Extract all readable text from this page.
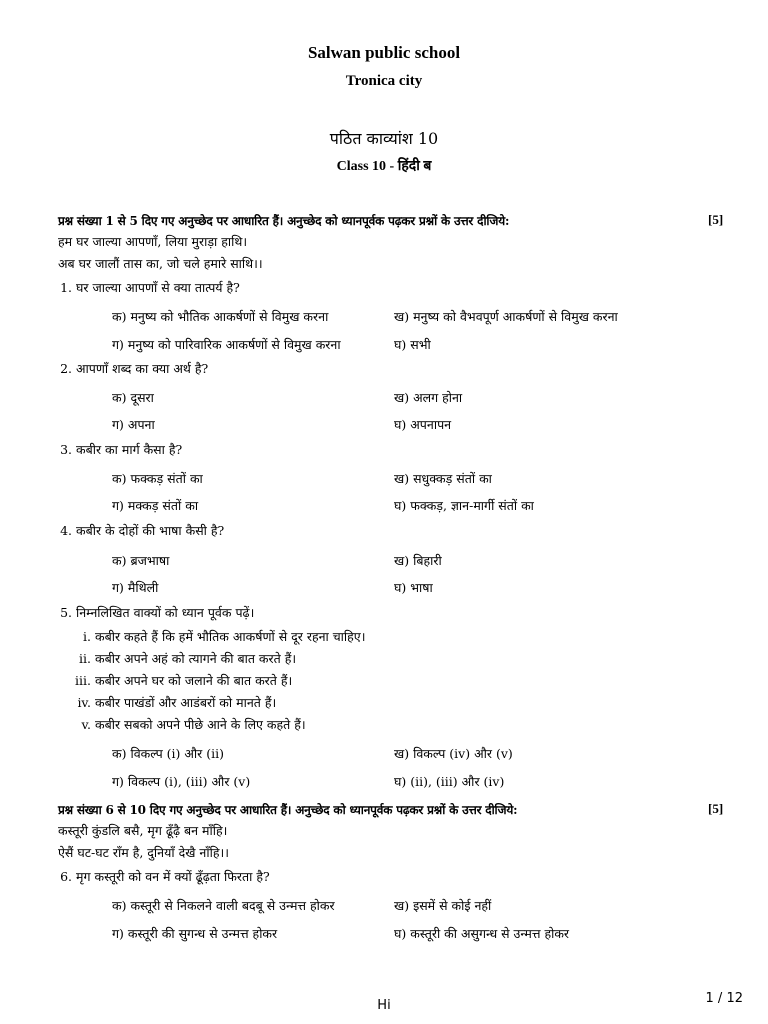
Salwan public school
Tronica city
पठित काव्यांश 10
Class 10 - हिंदी ब
प्रश्न संख्या 1 से 5 दिए गए अनुच्छेद पर आधारित हैं। अनुच्छेद को ध्यानपूर्वक पढ़कर प्रश्नों के उत्तर दीजिये:	[5]
हम घर जाल्या आपणाँ, लिया मुराड़ा हाथि।
अब घर जालौं तास का, जो चले हमारे साथि।।
1. घर जाल्या आपणाँ से क्या तात्पर्य है?
क) मनुष्य को भौतिक आकर्षणों से विमुख करना	ख) मनुष्य को वैभवपूर्ण आकर्षणों से विमुख करना
ग) मनुष्य को पारिवारिक आकर्षणों से विमुख करना	घ) सभी
2. आपणाँ शब्द का क्या अर्थ है?
क) दूसरा	ख) अलग होना
ग) अपना	घ) अपनापन
3. कबीर का मार्ग कैसा है?
क) फक्कड़ संतों का	ख) सधुक्कड़ संतों का
ग) मक्कड़ संतों का	घ) फक्कड़, ज्ञान-मार्गी संतों का
4. कबीर के दोहों की भाषा कैसी है?
क) ब्रजभाषा	ख) बिहारी
ग) मैथिली	घ) भाषा
5. निम्नलिखित वाक्यों को ध्यान पूर्वक पढ़ें।
i. कबीर कहते हैं कि हमें भौतिक आकर्षणों से दूर रहना चाहिए।
ii. कबीर अपने अहं को त्यागने की बात करते हैं।
iii. कबीर अपने घर को जलाने की बात करते हैं।
iv. कबीर पाखंडों और आडंबरों को मानते हैं।
v. कबीर सबको अपने पीछे आने के लिए कहते हैं।
क) विकल्प (i) और (ii)	ख) विकल्प (iv) और (v)
ग) विकल्प (i), (iii) और (v)	घ) (ii), (iii) और (iv)
प्रश्न संख्या 6 से 10 दिए गए अनुच्छेद पर आधारित हैं। अनुच्छेद को ध्यानपूर्वक पढ़कर प्रश्नों के उत्तर दीजिये:	[5]
कस्तूरी कुंडलि बसै, मृग ढूँढ़ै बन माँहि।
ऐसैं घट-घट राँम है, दुनियाँ देखै नाँहि।।
6. मृग कस्तूरी को वन में क्यों ढूँढ़ता फिरता है?
क) कस्तूरी से निकलने वाली बदबू से उन्मत्त होकर	ख) इसमें से कोई नहीं
ग) कस्तूरी की सुगन्ध से उन्मत्त होकर	घ) कस्तूरी की असुगन्ध से उन्मत्त होकर
Hi	1 / 12
